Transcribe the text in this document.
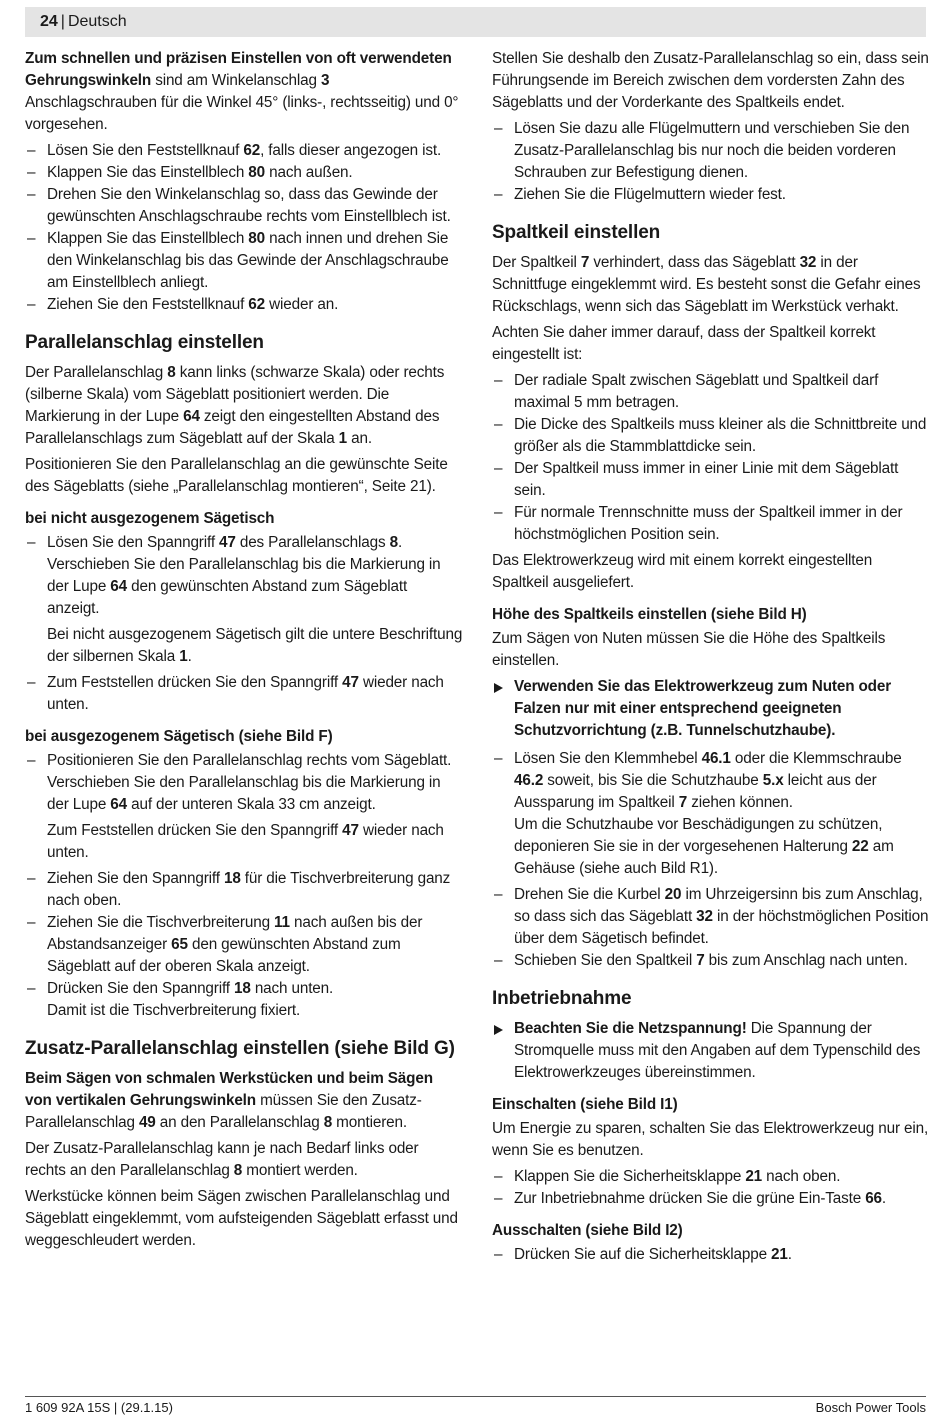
24 | Deutsch

Zum schnellen und präzisen Einstellen von oft verwendeten Gehrungswinkeln sind am Winkelanschlag 3 Anschlagschrauben für die Winkel 45° (links-, rechtsseitig) und 0° vorgesehen.

– Lösen Sie den Feststellknauf 62, falls dieser angezogen ist.
– Klappen Sie das Einstellblech 80 nach außen.
– Drehen Sie den Winkelanschlag so, dass das Gewinde der gewünschten Anschlagschraube rechts vom Einstellblech ist.
– Klappen Sie das Einstellblech 80 nach innen und drehen Sie den Winkelanschlag bis das Gewinde der Anschlagschraube am Einstellblech anliegt.
– Ziehen Sie den Feststellknauf 62 wieder an.
Parallelanschlag einstellen

Der Parallelanschlag 8 kann links (schwarze Skala) oder rechts (silberne Skala) vom Sägeblatt positioniert werden. Die Markierung in der Lupe 64 zeigt den eingestellten Abstand des Parallelanschlags zum Sägeblatt auf der Skala 1 an.

Positionieren Sie den Parallelanschlag an die gewünschte Seite des Sägeblatts (siehe „Parallelanschlag montieren“, Seite 21).

bei nicht ausgezogenem Sägetisch
– Lösen Sie den Spanngriff 47 des Parallelanschlags 8.
Verschieben Sie den Parallelanschlag bis die Markierung in der Lupe 64 den gewünschten Abstand zum Sägeblatt anzeigt.
Bei nicht ausgezogenem Sägetisch gilt die untere Beschriftung der silbernen Skala 1.
– Zum Feststellen drücken Sie den Spanngriff 47 wieder nach unten.
bei ausgezogenem Sägetisch (siehe Bild F)
– Positionieren Sie den Parallelanschlag rechts vom Sägeblatt.
Verschieben Sie den Parallelanschlag bis die Markierung in der Lupe 64 auf der unteren Skala 33 cm anzeigt.
Zum Feststellen drücken Sie den Spanngriff 47 wieder nach unten.
– Ziehen Sie den Spanngriff 18 für die Tischverbreiterung ganz nach oben.
– Ziehen Sie die Tischverbreiterung 11 nach außen bis der Abstandsanzeiger 65 den gewünschten Abstand zum Sägeblatt auf der oberen Skala anzeigt.
– Drücken Sie den Spanngriff 18 nach unten.
Damit ist die Tischverbreiterung fixiert.
Zusatz-Parallelanschlag einstellen (siehe Bild G)

Beim Sägen von schmalen Werkstücken und beim Sägen von vertikalen Gehrungswinkeln müssen Sie den Zusatz-Parallelanschlag 49 an den Parallelanschlag 8 montieren.

Der Zusatz-Parallelanschlag kann je nach Bedarf links oder rechts an den Parallelanschlag 8 montiert werden.

Werkstücke können beim Sägen zwischen Parallelanschlag und Sägeblatt eingeklemmt, vom aufsteigenden Sägeblatt erfasst und weggeschleudert werden.

Stellen Sie deshalb den Zusatz-Parallelanschlag so ein, dass sein Führungsende im Bereich zwischen dem vordersten Zahn des Sägeblatts und der Vorderkante des Spaltkeils endet.

– Lösen Sie dazu alle Flügelmuttern und verschieben Sie den Zusatz-Parallelanschlag bis nur noch die beiden vorderen Schrauben zur Befestigung dienen.
– Ziehen Sie die Flügelmuttern wieder fest.
Spaltkeil einstellen

Der Spaltkeil 7 verhindert, dass das Sägeblatt 32 in der Schnittfuge eingeklemmt wird. Es besteht sonst die Gefahr eines Rückschlags, wenn sich das Sägeblatt im Werkstück verhakt.

Achten Sie daher immer darauf, dass der Spaltkeil korrekt eingestellt ist:

– Der radiale Spalt zwischen Sägeblatt und Spaltkeil darf maximal 5 mm betragen.
– Die Dicke des Spaltkeils muss kleiner als die Schnittbreite und größer als die Stammblattdicke sein.
– Der Spaltkeil muss immer in einer Linie mit dem Sägeblatt sein.
– Für normale Trennschnitte muss der Spaltkeil immer in der höchstmöglichen Position sein.

Das Elektrowerkzeug wird mit einem korrekt eingestellten Spaltkeil ausgeliefert.

Höhe des Spaltkeils einstellen (siehe Bild H)

Zum Sägen von Nuten müssen Sie die Höhe des Spaltkeils einstellen.

Verwenden Sie das Elektrowerkzeug zum Nuten oder Falzen nur mit einer entsprechend geeigneten Schutzvorrichtung (z.B. Tunnelschutzhaube).
– Lösen Sie den Klemmhebel 46.1 oder die Klemmschraube 46.2 soweit, bis Sie die Schutzhaube 5.x leicht aus der Aussparung im Spaltkeil 7 ziehen können.
Um die Schutzhaube vor Beschädigungen zu schützen, deponieren Sie sie in der vorgesehenen Halterung 22 am Gehäuse (siehe auch Bild R1).
– Drehen Sie die Kurbel 20 im Uhrzeigersinn bis zum Anschlag, so dass sich das Sägeblatt 32 in der höchstmöglichen Position über dem Sägetisch befindet.
– Schieben Sie den Spaltkeil 7 bis zum Anschlag nach unten.
Inbetriebnahme
Beachten Sie die Netzspannung! Die Spannung der Stromquelle muss mit den Angaben auf dem Typenschild des Elektrowerkzeuges übereinstimmen.
Einschalten (siehe Bild I1)

Um Energie zu sparen, schalten Sie das Elektrowerkzeug nur ein, wenn Sie es benutzen.

– Klappen Sie die Sicherheitsklappe 21 nach oben.
– Zur Inbetriebnahme drücken Sie die grüne Ein-Taste 66.
Ausschalten (siehe Bild I2)
– Drücken Sie auf die Sicherheitsklappe 21.
1 609 92A 15S | (29.1.15)	Bosch Power Tools
